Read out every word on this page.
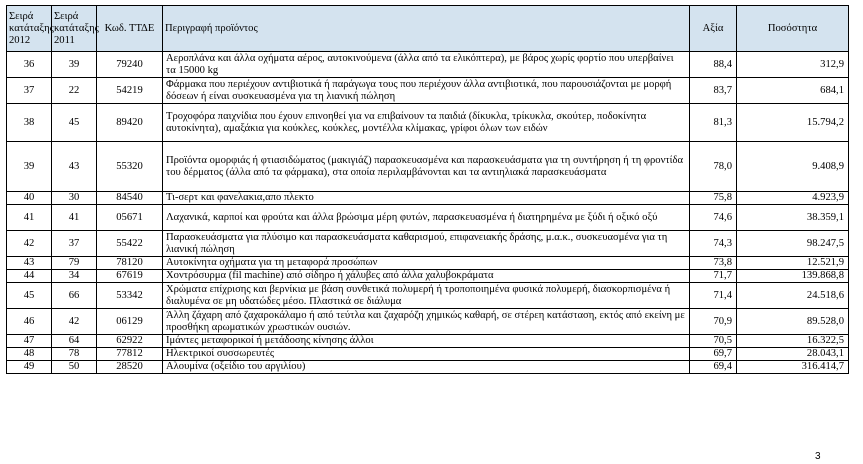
Σειρά κατάταξης 2012	Σειρά κατάταξης 2011	Κωδ. ΤΤΔΕ	Περιγραφή προϊόντος	Αξία	Ποσόστητα
36	39	79240	Αεροπλάνα και άλλα οχήματα αέρος, αυτοκινούμενα (άλλα από τα ελικόπτερα), με βάρος χωρίς φορτίο που υπερβαίνει τα 15000 kg	88,4	312,9
37	22	54219	Φάρμακα που περιέχουν αντιβιοτικά ή παράγωγα τους που περιέχουν άλλα αντιβιοτικά, που παρουσιάζονται με μορφή δόσεων ή είναι συσκευασμένα για τη λιανική πώληση	83,7	684,1
38	45	89420	Τροχοφόρα παιχνίδια που έχουν επινοηθεί για να επιβαίνουν τα παιδιά (δίκυκλα, τρίκυκλα, σκούτερ, ποδοκίνητα αυτοκίνητα), αμαξάκια για κούκλες, κούκλες, μοντέλλα κλίμακας, γρίφοι όλων των ειδών	81,3	15.794,2
39	43	55320	Προϊόντα ομορφιάς ή φτιασιδώματος (μακιγιάζ) παρασκευασμένα και παρασκευάσματα για τη συντήρηση ή τη φροντίδα του δέρματος (άλλα από τα φάρμακα), στα οποία περιλαμβάνονται και τα αντιηλιακά παρασκευάσματα	78,0	9.408,9
40	30	84540	Τι-σερτ και φανελακια,απο πλεκτο	75,8	4.923,9
41	41	05671	Λαχανικά, καρποί και φρούτα και άλλα βρώσιμα μέρη φυτών, παρασκευασμένα ή διατηρημένα με ξύδι ή οξικό οξύ	74,6	38.359,1
42	37	55422	Παρασκευάσματα για πλύσιμο και παρασκευάσματα καθαρισμού, επιφανειακής δράσης, μ.α.κ., συσκευασμένα για τη λιανική πώληση	74,3	98.247,5
43	79	78120	Αυτοκίνητα οχήματα για τη μεταφορά προσώπων	73,8	12.521,9
44	34	67619	Χοντρόσυρμα (fil machine) από σίδηρο ή χάλυβες από άλλα χαλυβοκράματα	71,7	139.868,8
45	66	53342	Χρώματα επίχρισης και βερνίκια με βάση συνθετικά πολυμερή ή τροποποιημένα φυσικά πολυμερή, διασκορπισμένα ή διαλυμένα σε μη υδατώδες μέσο. Πλαστικά σε διάλυμα	71,4	24.518,6
46	42	06129	Άλλη ζάχαρη από ζαχαροκάλαμο ή από τεύτλα και ζαχαρόζη χημικώς καθαρή, σε στέρεη κατάσταση, εκτός από εκείνη με προσθήκη αρωματικών χρωστικών ουσιών.	70,9	89.528,0
47	64	62922	Ιμάντες μεταφορικοί ή μετάδοσης κίνησης άλλοι	70,5	16.322,5
48	78	77812	Ηλεκτρικοί συσσωρευτές	69,7	28.043,1
49	50	28520	Αλουμίνα (οξείδιο του αργιλίου)	69,4	316.414,7
3
